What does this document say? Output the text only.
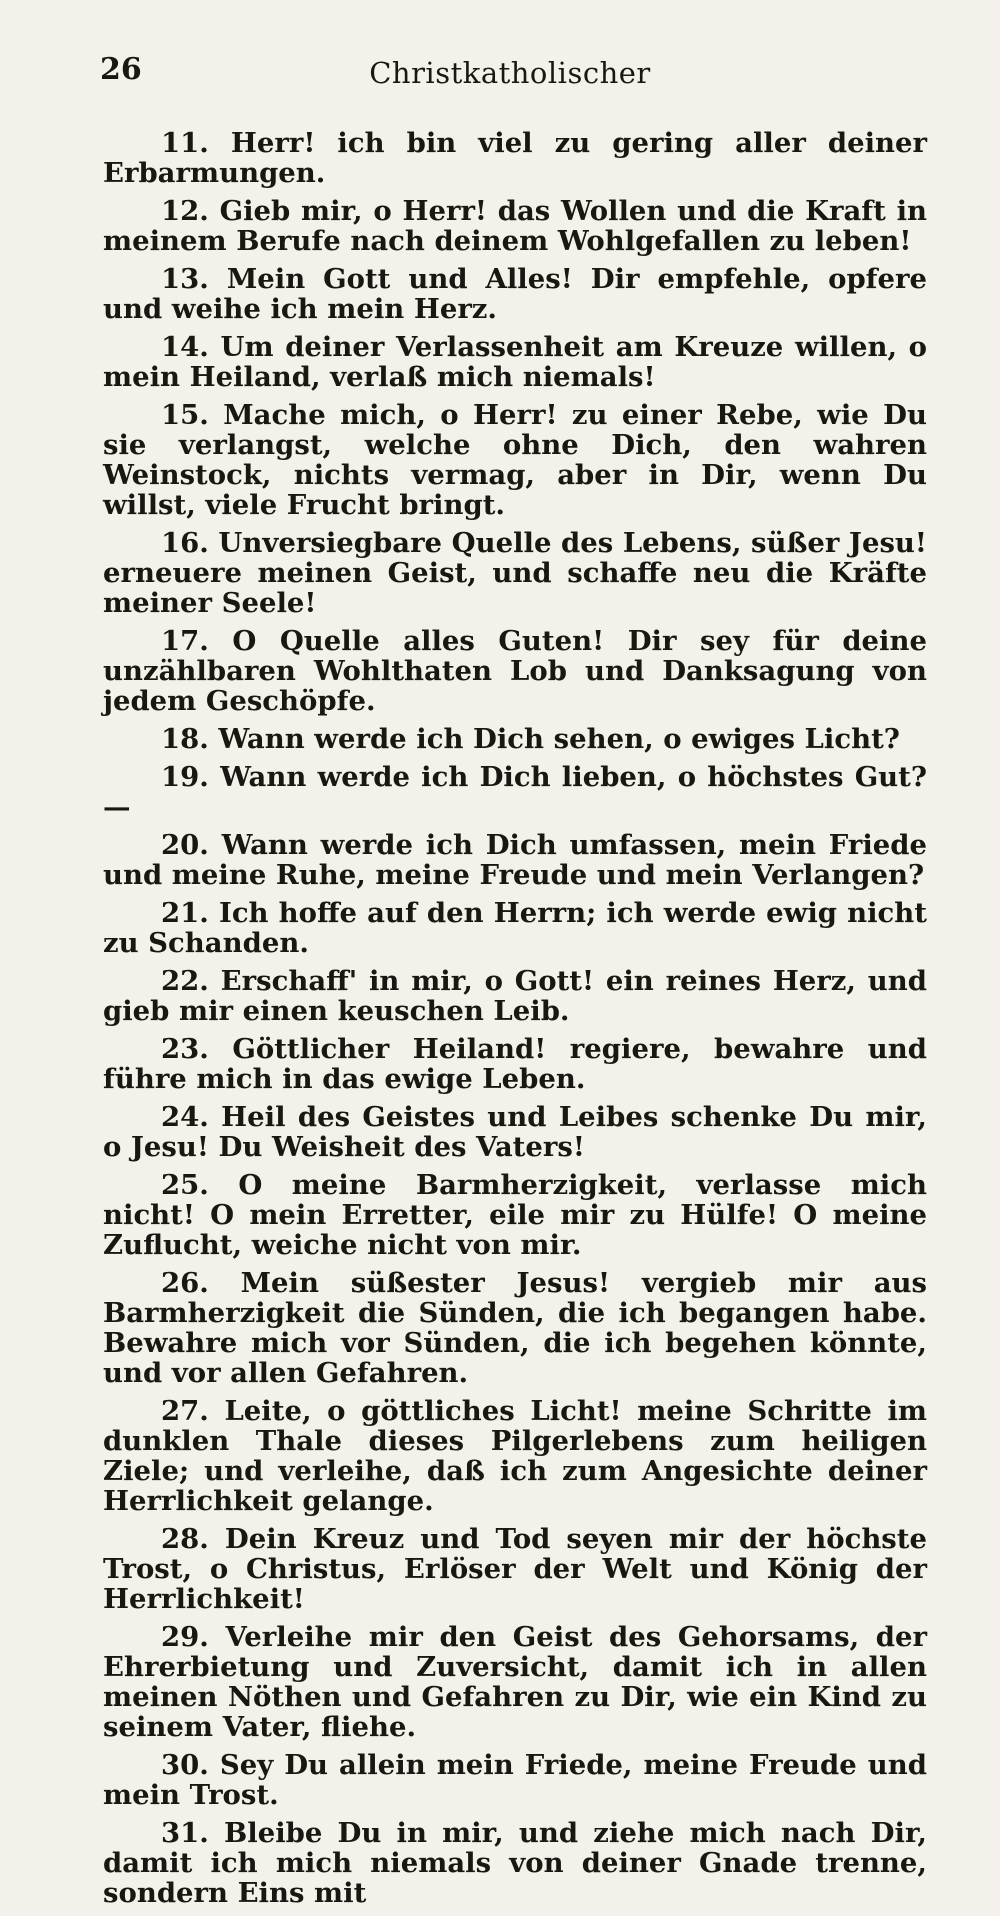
26	Christkatholischer

11. Herr! ich bin viel zu gering aller deiner Erbarmungen.

12. Gieb mir, o Herr! das Wollen und die Kraft in meinem Berufe nach deinem Wohlgefallen zu leben!

13. Mein Gott und Alles! Dir empfehle, opfere und weihe ich mein Herz.

14. Um deiner Verlassenheit am Kreuze willen, o mein Heiland, verlaß mich niemals!

15. Mache mich, o Herr! zu einer Rebe, wie Du sie verlangst, welche ohne Dich, den wahren Weinstock, nichts vermag, aber in Dir, wenn Du willst, viele Frucht bringt.

16. Unversiegbare Quelle des Lebens, süßer Jesu! erneuere meinen Geist, und schaffe neu die Kräfte meiner Seele!

17. O Quelle alles Guten! Dir sey für deine unzählbaren Wohlthaten Lob und Danksagung von jedem Geschöpfe.

18. Wann werde ich Dich sehen, o ewiges Licht?

19. Wann werde ich Dich lieben, o höchstes Gut? —

20. Wann werde ich Dich umfassen, mein Friede und meine Ruhe, meine Freude und mein Verlangen?

21. Ich hoffe auf den Herrn; ich werde ewig nicht zu Schanden.

22. Erschaff' in mir, o Gott! ein reines Herz, und gieb mir einen keuschen Leib.

23. Göttlicher Heiland! regiere, bewahre und führe mich in das ewige Leben.

24. Heil des Geistes und Leibes schenke Du mir, o Jesu! Du Weisheit des Vaters!

25. O meine Barmherzigkeit, verlasse mich nicht! O mein Erretter, eile mir zu Hülfe! O meine Zuflucht, weiche nicht von mir.

26. Mein süßester Jesus! vergieb mir aus Barmherzigkeit die Sünden, die ich begangen habe. Bewahre mich vor Sünden, die ich begehen könnte, und vor allen Gefahren.

27. Leite, o göttliches Licht! meine Schritte im dunklen Thale dieses Pilgerlebens zum heiligen Ziele; und verleihe, daß ich zum Angesichte deiner Herrlichkeit gelange.

28. Dein Kreuz und Tod seyen mir der höchste Trost, o Christus, Erlöser der Welt und König der Herrlichkeit!

29. Verleihe mir den Geist des Gehorsams, der Ehrerbietung und Zuversicht, damit ich in allen meinen Nöthen und Gefahren zu Dir, wie ein Kind zu seinem Vater, fliehe.

30. Sey Du allein mein Friede, meine Freude und mein Trost.

31. Bleibe Du in mir, und ziehe mich nach Dir, damit ich mich niemals von deiner Gnade trenne, sondern Eins mit
